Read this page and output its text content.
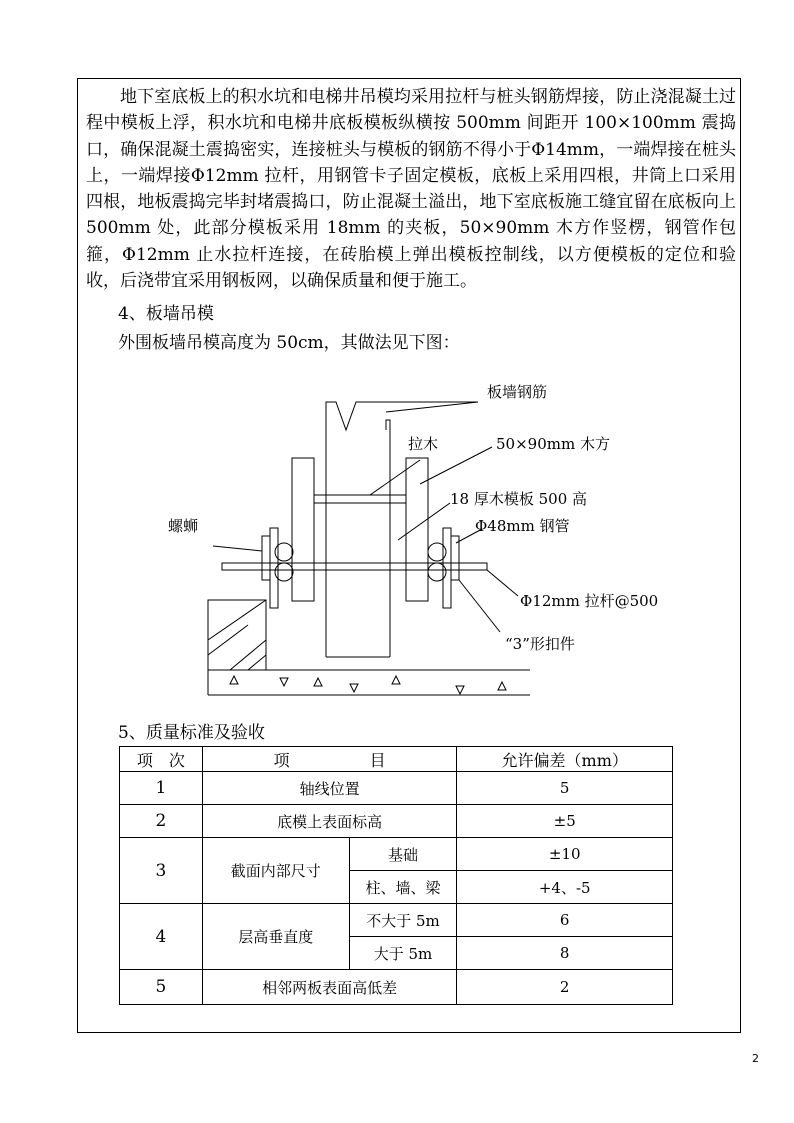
地下室底板上的积水坑和电梯井吊模均采用拉杆与桩头钢筋焊接，防止浇混凝土过程中模板上浮，积水坑和电梯井底板模板纵横按 500mm 间距开 100×100mm 震捣口，确保混凝土震捣密实，连接桩头与模板的钢筋不得小于Φ14mm，一端焊接在桩头上，一端焊接Φ12mm 拉杆，用钢管卡子固定模板，底板上采用四根，井筒上口采用四根，地板震捣完毕封堵震捣口，防止混凝土溢出，地下室底板施工缝宜留在底板向上 500mm 处，此部分模板采用 18mm 的夹板，50×90mm 木方作竖楞，钢管作包箍，Φ12mm 止水拉杆连接，在砖胎模上弹出模板控制线，以方便模板的定位和验收，后浇带宜采用钢板网，以确保质量和便于施工。

4、板墙吊模

外围板墙吊模高度为 50cm，其做法见下图：

板墙钢筋
拉木	50×90mm 木方
18 厚木模板 500 高
Φ48mm 钢管
螺蛳
Φ12mm 拉杆@500
“3”形扣件

5、质量标准及验收

项　次	项　　　　　目		允许偏差（mm）
1	轴线位置		5
2	底模上表面标高		±5
3	截面内部尺寸	基础	±10
		柱、墙、梁	+4、-5
4	层高垂直度	不大于 5m	6
		大于 5m	8
5	相邻两板表面高低差		2
2
